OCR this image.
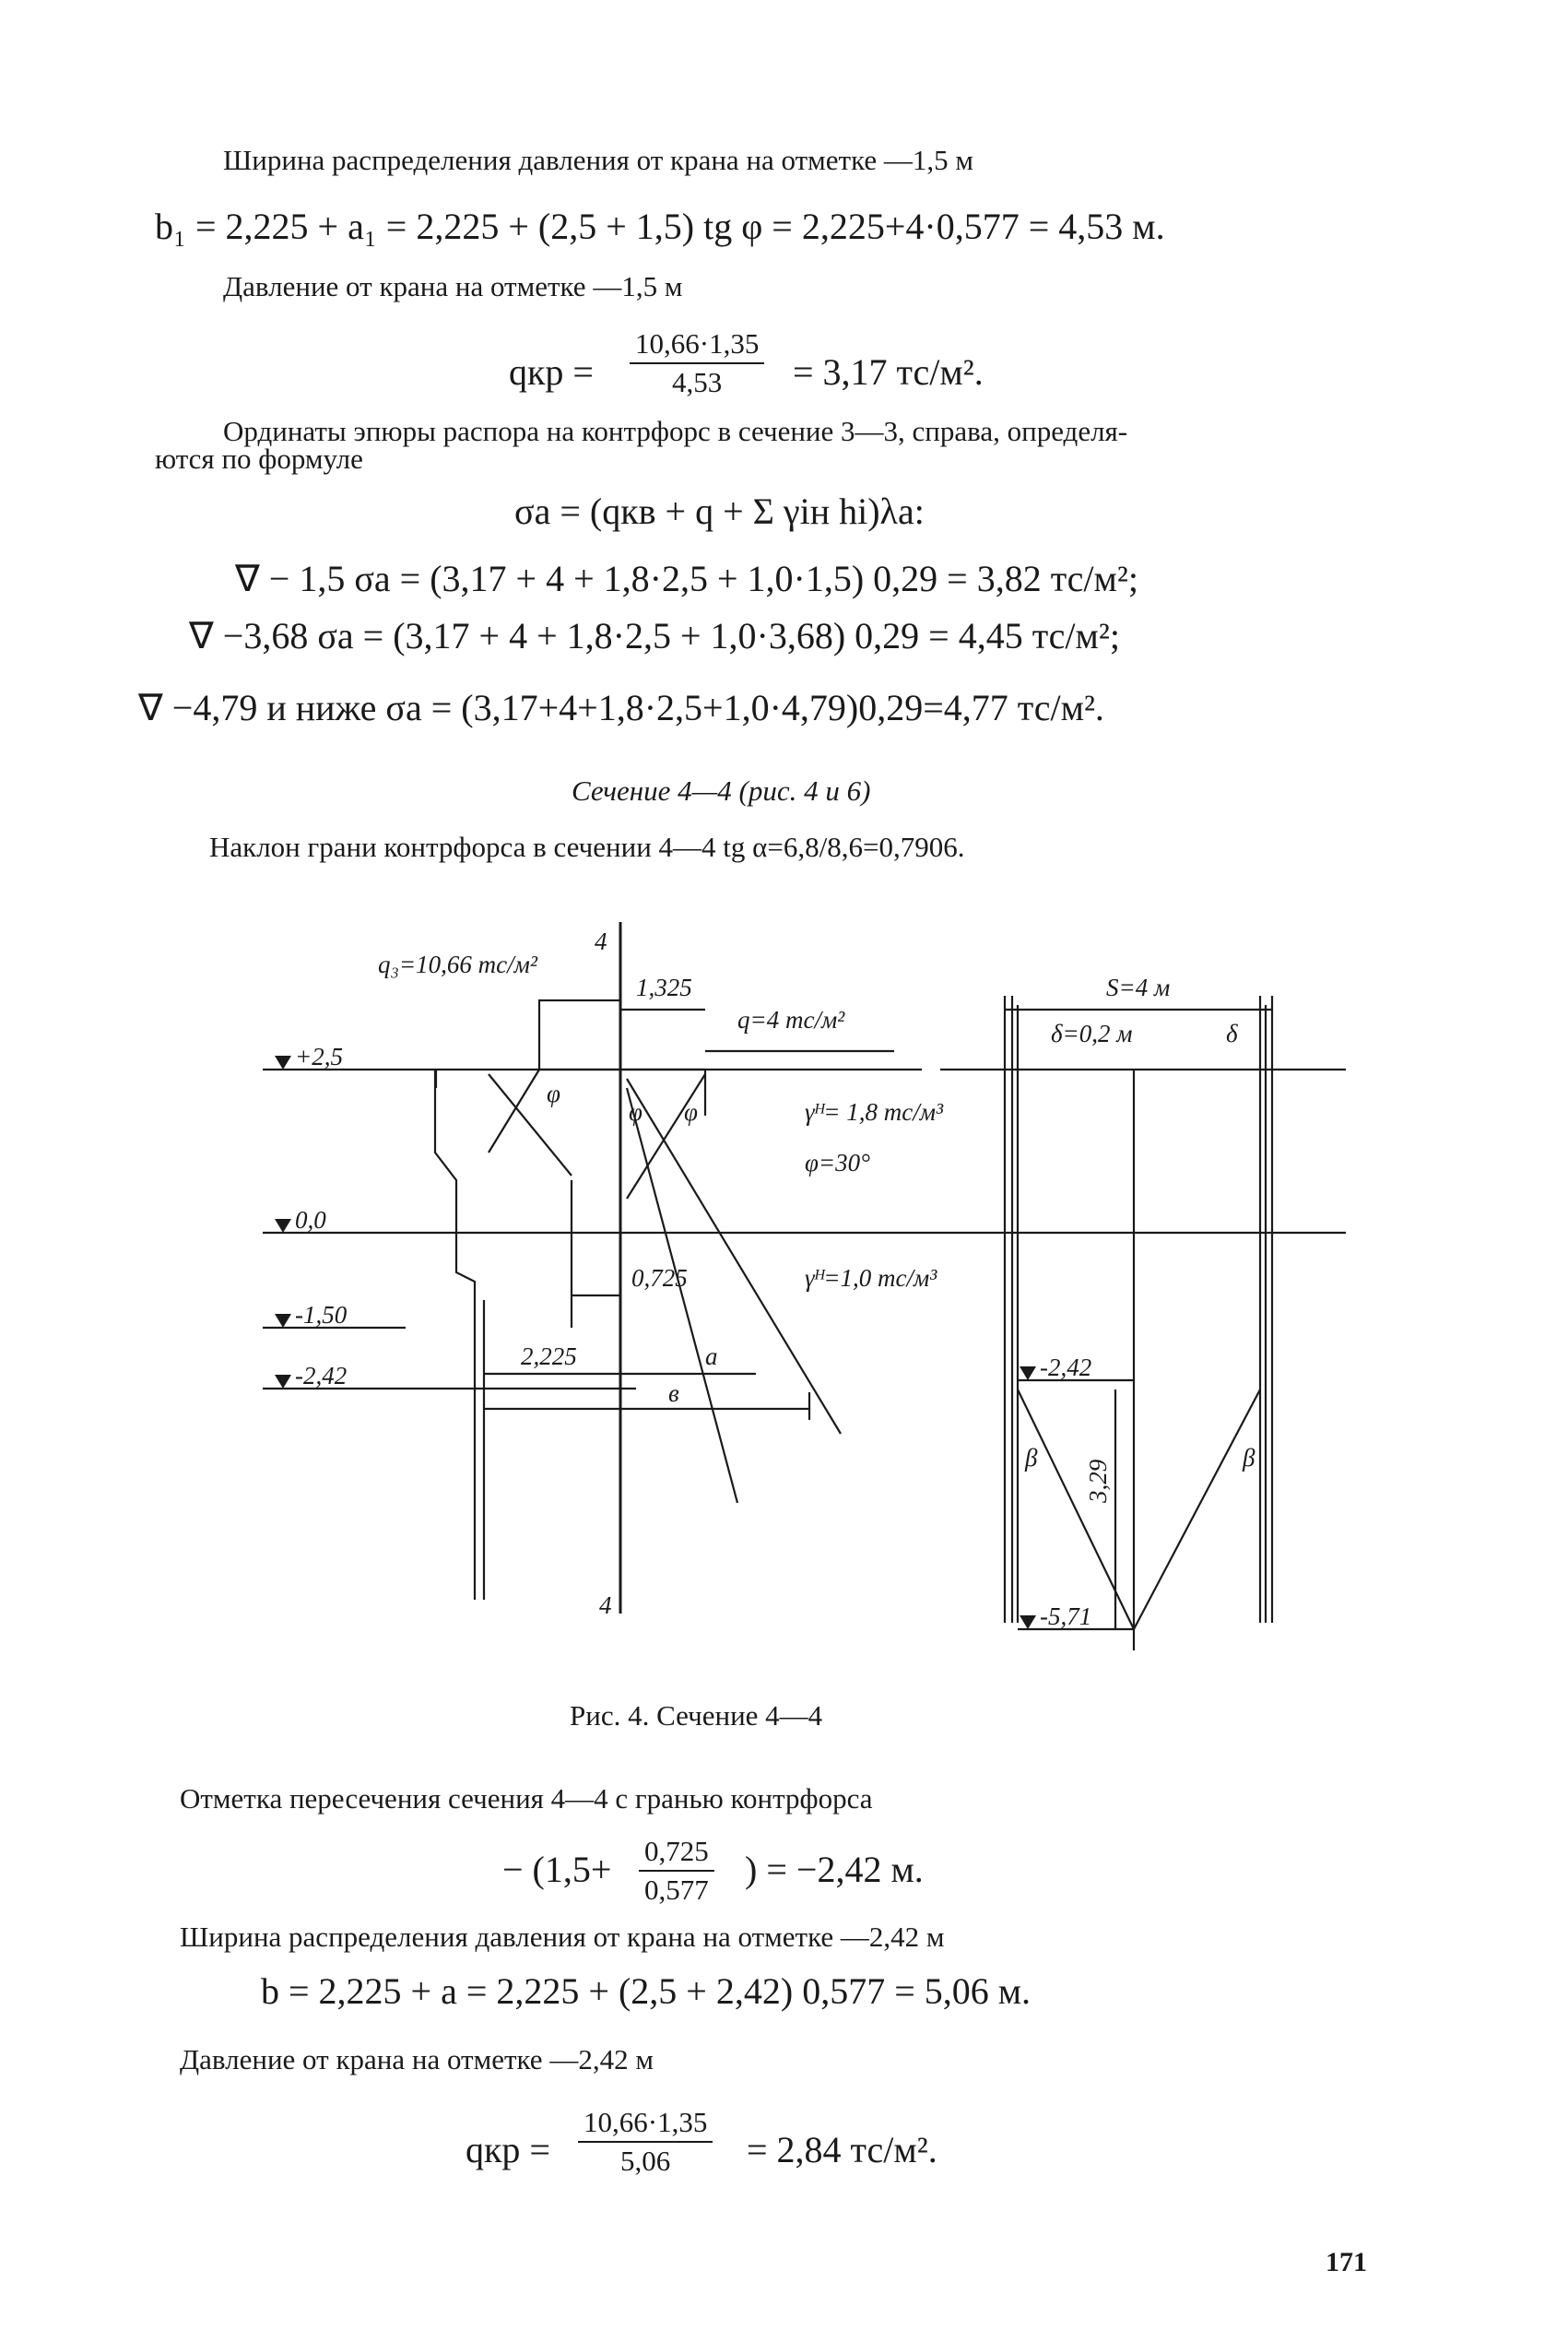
Ширина распределения давления от крана на отметке —1,5 м
b₁ = 2,225 + a₁ = 2,225 + (2,5 + 1,5) tg φ = 2,225+4·0,577 = 4,53 м.
Давление от крана на отметке —1,5 м
qкр = $\frac{10,66\cdot 1,35}{4,53} = 3,17$ тс/м².
Ординаты эпюры распора на контрфорс в сечение 3—3, справа, определя-
ются по формуле
σa = (qкв + q + Σ γiн hi)λa:
∇ − 1,5 σa = (3,17 + 4 + 1,8·2,5 + 1,0·1,5) 0,29 = 3,82 тс/м²;
∇ −3,68 σa = (3,17 + 4 + 1,8·2,5 + 1,0·3,68) 0,29 = 4,45 тс/м²;
∇ −4,79 и ниже σa = (3,17+4+1,8·2,5+1,0·4,79)0,29=4,77 тс/м².
Сечение 4—4 (рис. 4 и 6)
Наклон грани контрфорса в сечении 4—4 tg α=6,8/8,6=0,7906.
q₃=10,66 тс/м²
4
4
1,325
q=4 тс/м²
+2,5
0,0
-1,50
-2,42
φ
φ φ	γᴴ= 1,8 тс/м³
φ=30°
0,725	γᴴ=1,0 тс/м³
2,225	a
в
S=4 м
δ=0,2 м	δ
-2,42
-5,71
β	β
3,29
Рис. 4. Сечение 4—4
Отметка пересечения сечения 4—4 с гранью контрфорса
− ($1,5+ \frac{0,725}{0,577}$ ) = −2,42 м.
Ширина распределения давления от крана на отметке —2,42 м
b = 2,225 + a = 2,225 + (2,5 + 2,42) 0,577 = 5,06 м.
Давление от крана на отметке —2,42 м
qкр = $\frac{10,66\cdot 1,35}{5,06} = 2,84$ тс/м².
171
